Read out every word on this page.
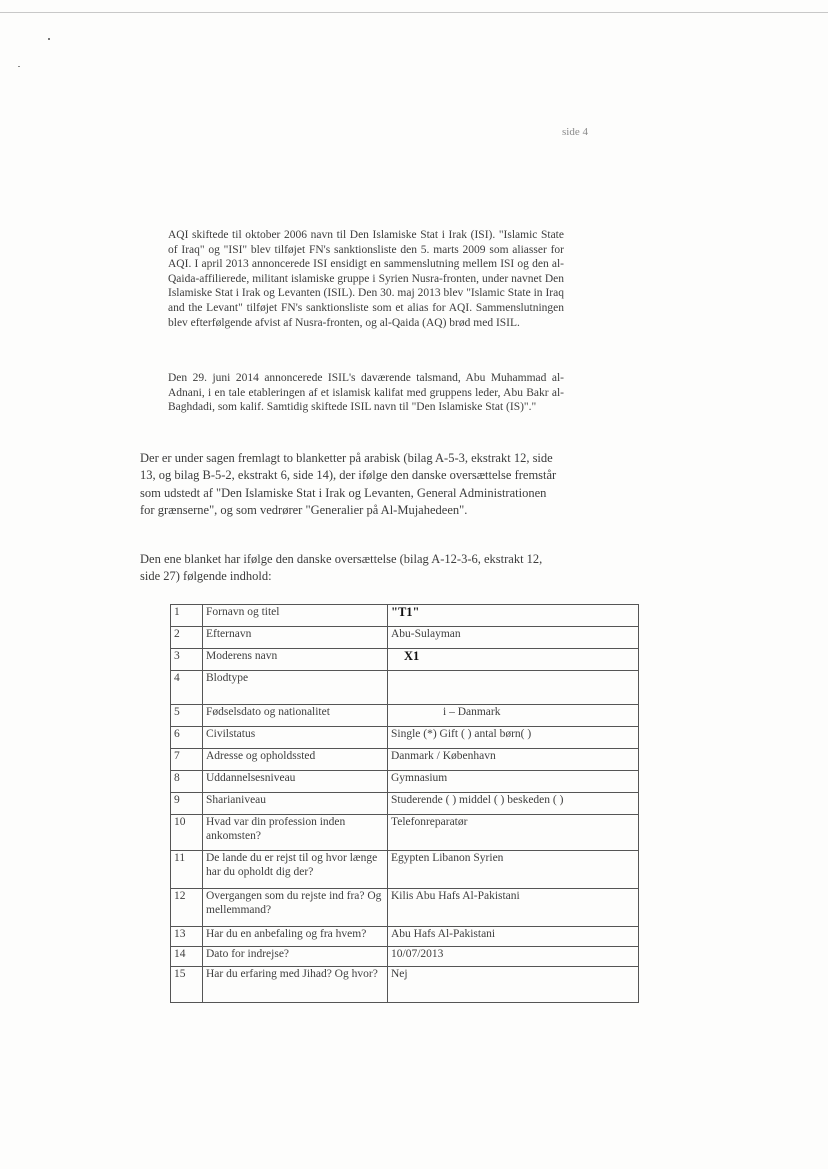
side 4

AQI skiftede til oktober 2006 navn til Den Islamiske Stat i Irak (ISI). "Islamic State of Iraq" og "ISI" blev tilføjet FN's sanktionsliste den 5. marts 2009 som aliasser for AQI. I april 2013 annoncerede ISI ensidigt en sammenslutning mellem ISI og den al-Qaida-affilierede, militant islamiske gruppe i Syrien Nusra-fronten, under navnet Den Islamiske Stat i Irak og Levanten (ISIL). Den 30. maj 2013 blev "Islamic State in Iraq and the Levant" tilføjet FN's sanktionsliste som et alias for AQI. Sammenslutningen blev efterfølgende afvist af Nusra-fronten, og al-Qaida (AQ) brød med ISIL.

Den 29. juni 2014 annoncerede ISIL's daværende talsmand, Abu Muhammad al-Adnani, i en tale etableringen af et islamisk kalifat med gruppens leder, Abu Bakr al-Baghdadi, som kalif. Samtidig skiftede ISIL navn til "Den Islamiske Stat (IS)"."

Der er under sagen fremlagt to blanketter på arabisk (bilag A-5-3, ekstrakt 12, side 13, og bilag B-5-2, ekstrakt 6, side 14), der ifølge den danske oversættelse fremstår som udstedt af "Den Islamiske Stat i Irak og Levanten, General Administrationen for grænserne", og som vedrører "Generalier på Al-Mujahedeen".

Den ene blanket har ifølge den danske oversættelse (bilag A-12-3-6, ekstrakt 12, side 27) følgende indhold:

1	Fornavn og titel	"T1"
2	Efternavn	Abu-Sulayman
3	Moderens navn	X1
4	Blodtype	
5	Fødselsdato og nationalitet	i – Danmark
6	Civilstatus	Single (*) Gift ( ) antal børn( )
7	Adresse og opholdssted	Danmark / København
8	Uddannelsesniveau	Gymnasium
9	Sharianiveau	Studerende ( ) middel ( ) beskeden ( )
10	Hvad var din profession inden ankomsten?	Telefonreparatør
11	De lande du er rejst til og hvor længe har du opholdt dig der?	Egypten Libanon Syrien
12	Overgangen som du rejste ind fra? Og mellemmand?	Kilis Abu Hafs Al-Pakistani
13	Har du en anbefaling og fra hvem?	Abu Hafs Al-Pakistani
14	Dato for indrejse?	10/07/2013
15	Har du erfaring med Jihad? Og hvor?	Nej
